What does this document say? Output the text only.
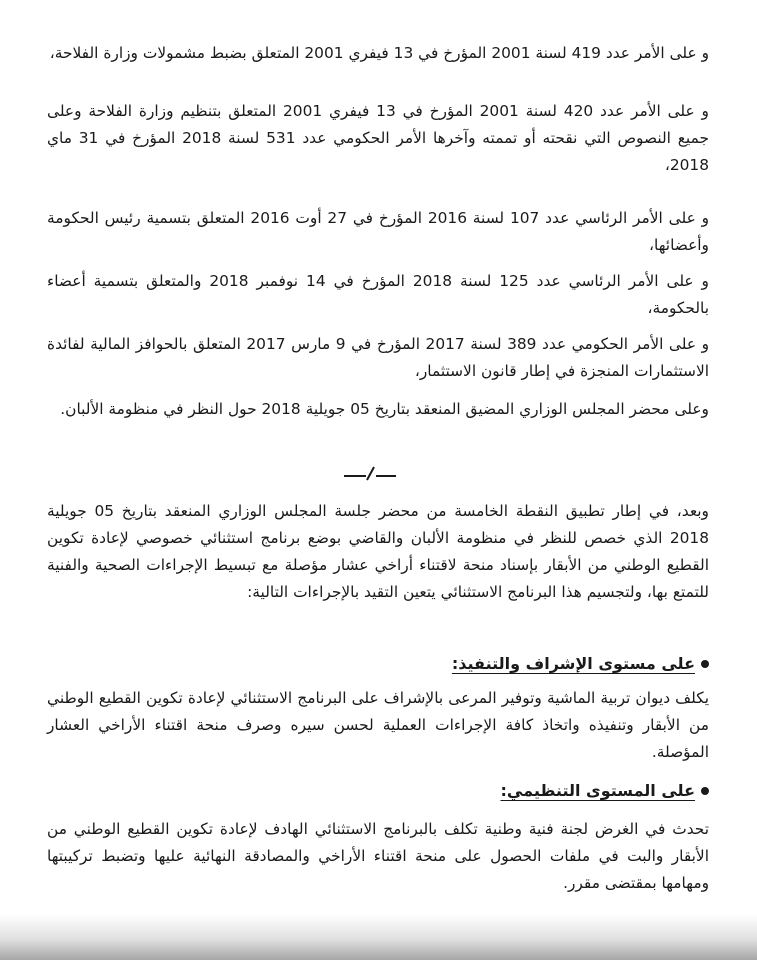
و على الأمر عدد 419 لسنة 2001 المؤرخ في 13 فيفري 2001 المتعلق بضبط مشمولات وزارة الفلاحة،

و على الأمر عدد 420 لسنة 2001 المؤرخ في 13 فيفري 2001 المتعلق بتنظيم وزارة الفلاحة وعلى جميع النصوص التي نقحته أو تممته وآخرها الأمر الحكومي عدد 531 لسنة 2018 المؤرخ في 31 ماي 2018،

و على الأمر الرئاسي عدد 107 لسنة 2016 المؤرخ في 27 أوت 2016 المتعلق بتسمية رئيس الحكومة وأعضائها،

و على الأمر الرئاسي عدد 125 لسنة 2018 المؤرخ في 14 نوفمبر 2018 والمتعلق بتسمية أعضاء بالحكومة،

و على الأمر الحكومي عدد 389 لسنة 2017 المؤرخ في 9 مارس 2017 المتعلق بالحوافز المالية لفائدة الاستثمارات المنجزة في إطار قانون الاستثمار،

وعلى محضر المجلس الوزاري المضيق المنعقد بتاريخ 05 جويلية 2018 حول النظر في منظومة الألبان.

وبعد، في إطار تطبيق النقطة الخامسة من محضر جلسة المجلس الوزاري المنعقد بتاريخ 05 جويلية 2018 الذي خصص للنظر في منظومة الألبان والقاضي بوضع برنامج استثنائي خصوصي لإعادة تكوين القطيع الوطني من الأبقار بإسناد منحة لاقتناء أراخي عشار مؤصلة مع تبسيط الإجراءات الصحية والفنية للتمتع بها، ولتجسيم هذا البرنامج الاستثنائي يتعين التقيد بالإجراءات التالية:

على مستوى الإشراف والتنفيذ:

يكلف ديوان تربية الماشية وتوفير المرعى بالإشراف على البرنامج الاستثنائي لإعادة تكوين القطيع الوطني من الأبقار وتنفيذه واتخاذ كافة الإجراءات العملية لحسن سيره وصرف منحة اقتناء الأراخي العشار المؤصلة.

على المستوى التنظيمي:

تحدث في الغرض لجنة فنية وطنية تكلف بالبرنامج الاستثنائي الهادف لإعادة تكوين القطيع الوطني من الأبقار والبت في ملفات الحصول على منحة اقتناء الأراخي والمصادقة النهائية عليها وتضبط تركيبتها ومهامها بمقتضى مقرر.
